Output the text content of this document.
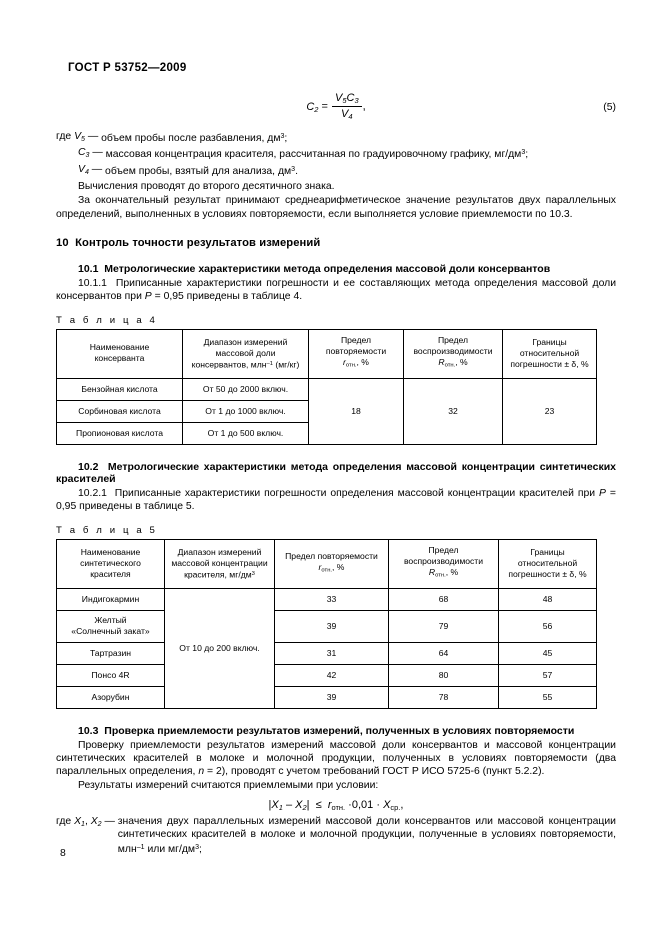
ГОСТ Р 53752—2009
$C_2 = \frac{V_5C_3}{V_4}$ ,	(5)
где $V_5$ — объем пробы после разбавления, $дм^3$;
$C_3$ — массовая концентрация красителя, рассчитанная по градуировочному графику, $мг/дм^3$;
$V_4$ — объем пробы, взятый для анализа, $дм^3$.

Вычисления проводят до второго десятичного знака.

За окончательный результат принимают среднеарифметическое значение результатов двух параллельных определений, выполненных в условиях повторяемости, если выполняется условие приемлемости по 10.3.

10 Контроль точности результатов измерений
10.1 Метрологические характеристики метода определения массовой доли консервантов

10.1.1 Приписанные характеристики погрешности и ее составляющих метода определения массовой доли консервантов при P = 0,95 приведены в таблице 4.

Т а б л и ц а 4

Наименование
консерванта	Диапазон измерений
массовой доли
консервантов, млн$^{-1}$ (мг/кг)	Предел
повторяемости
$r_{отн.}$, %	Предел
воспроизводимости
$R_{отн.}$, %	Границы
относительной
погрешности ± δ, %
Бензойная кислота	От 50 до 2000 включ.	18	32	23
Сорбиновая кислота	От 1 до 1000 включ.			
Пропионовая кислота	От 1 до 500 включ.			
10.2 Метрологические характеристики метода определения массовой концентрации синтетических красителей

10.2.1 Приписанные характеристики погрешности определения массовой концентрации красителей при P = 0,95 приведены в таблице 5.

Т а б л и ц а 5

Наименование
синтетического
красителя	Диапазон измерений
массовой концентрации
красителя, $мг/дм^3$	Предел повторяемости
$r_{отн.}$, %	Предел
воспроизводимости
$R_{отн.}$, %	Границы относительной
погрешности ± δ, %
Индигокармин	От 10 до 200 включ.	33	68	48
Желтый
«Солнечный закат»		39	79	56
Тартразин		31	64	45
Понсо 4R		42	80	57
Азорубин		39	78	55
10.3 Проверка приемлемости результатов измерений, полученных в условиях повторяемости

Проверку приемлемости результатов измерений массовой доли консервантов и массовой концентрации синтетических красителей в молоке и молочной продукции, полученных в условиях повторяемости (два параллельных определения, n = 2), проводят с учетом требований ГОСТ Р ИСО 5725-6 (пункт 5.2.2).

Результаты измерений считаются приемлемыми при условии:

$|X_1 - X_2| \le r_{отн.} \cdot 0,01 \cdot X_{ср.}$,
где $X_1$, $X_2$ — значения двух параллельных измерений массовой доли консервантов или массовой концентрации синтетических красителей в молоке и молочной продукции, полученные в условиях повторяемости, млн$^{-1}$ или $мг/дм^3$;
8
